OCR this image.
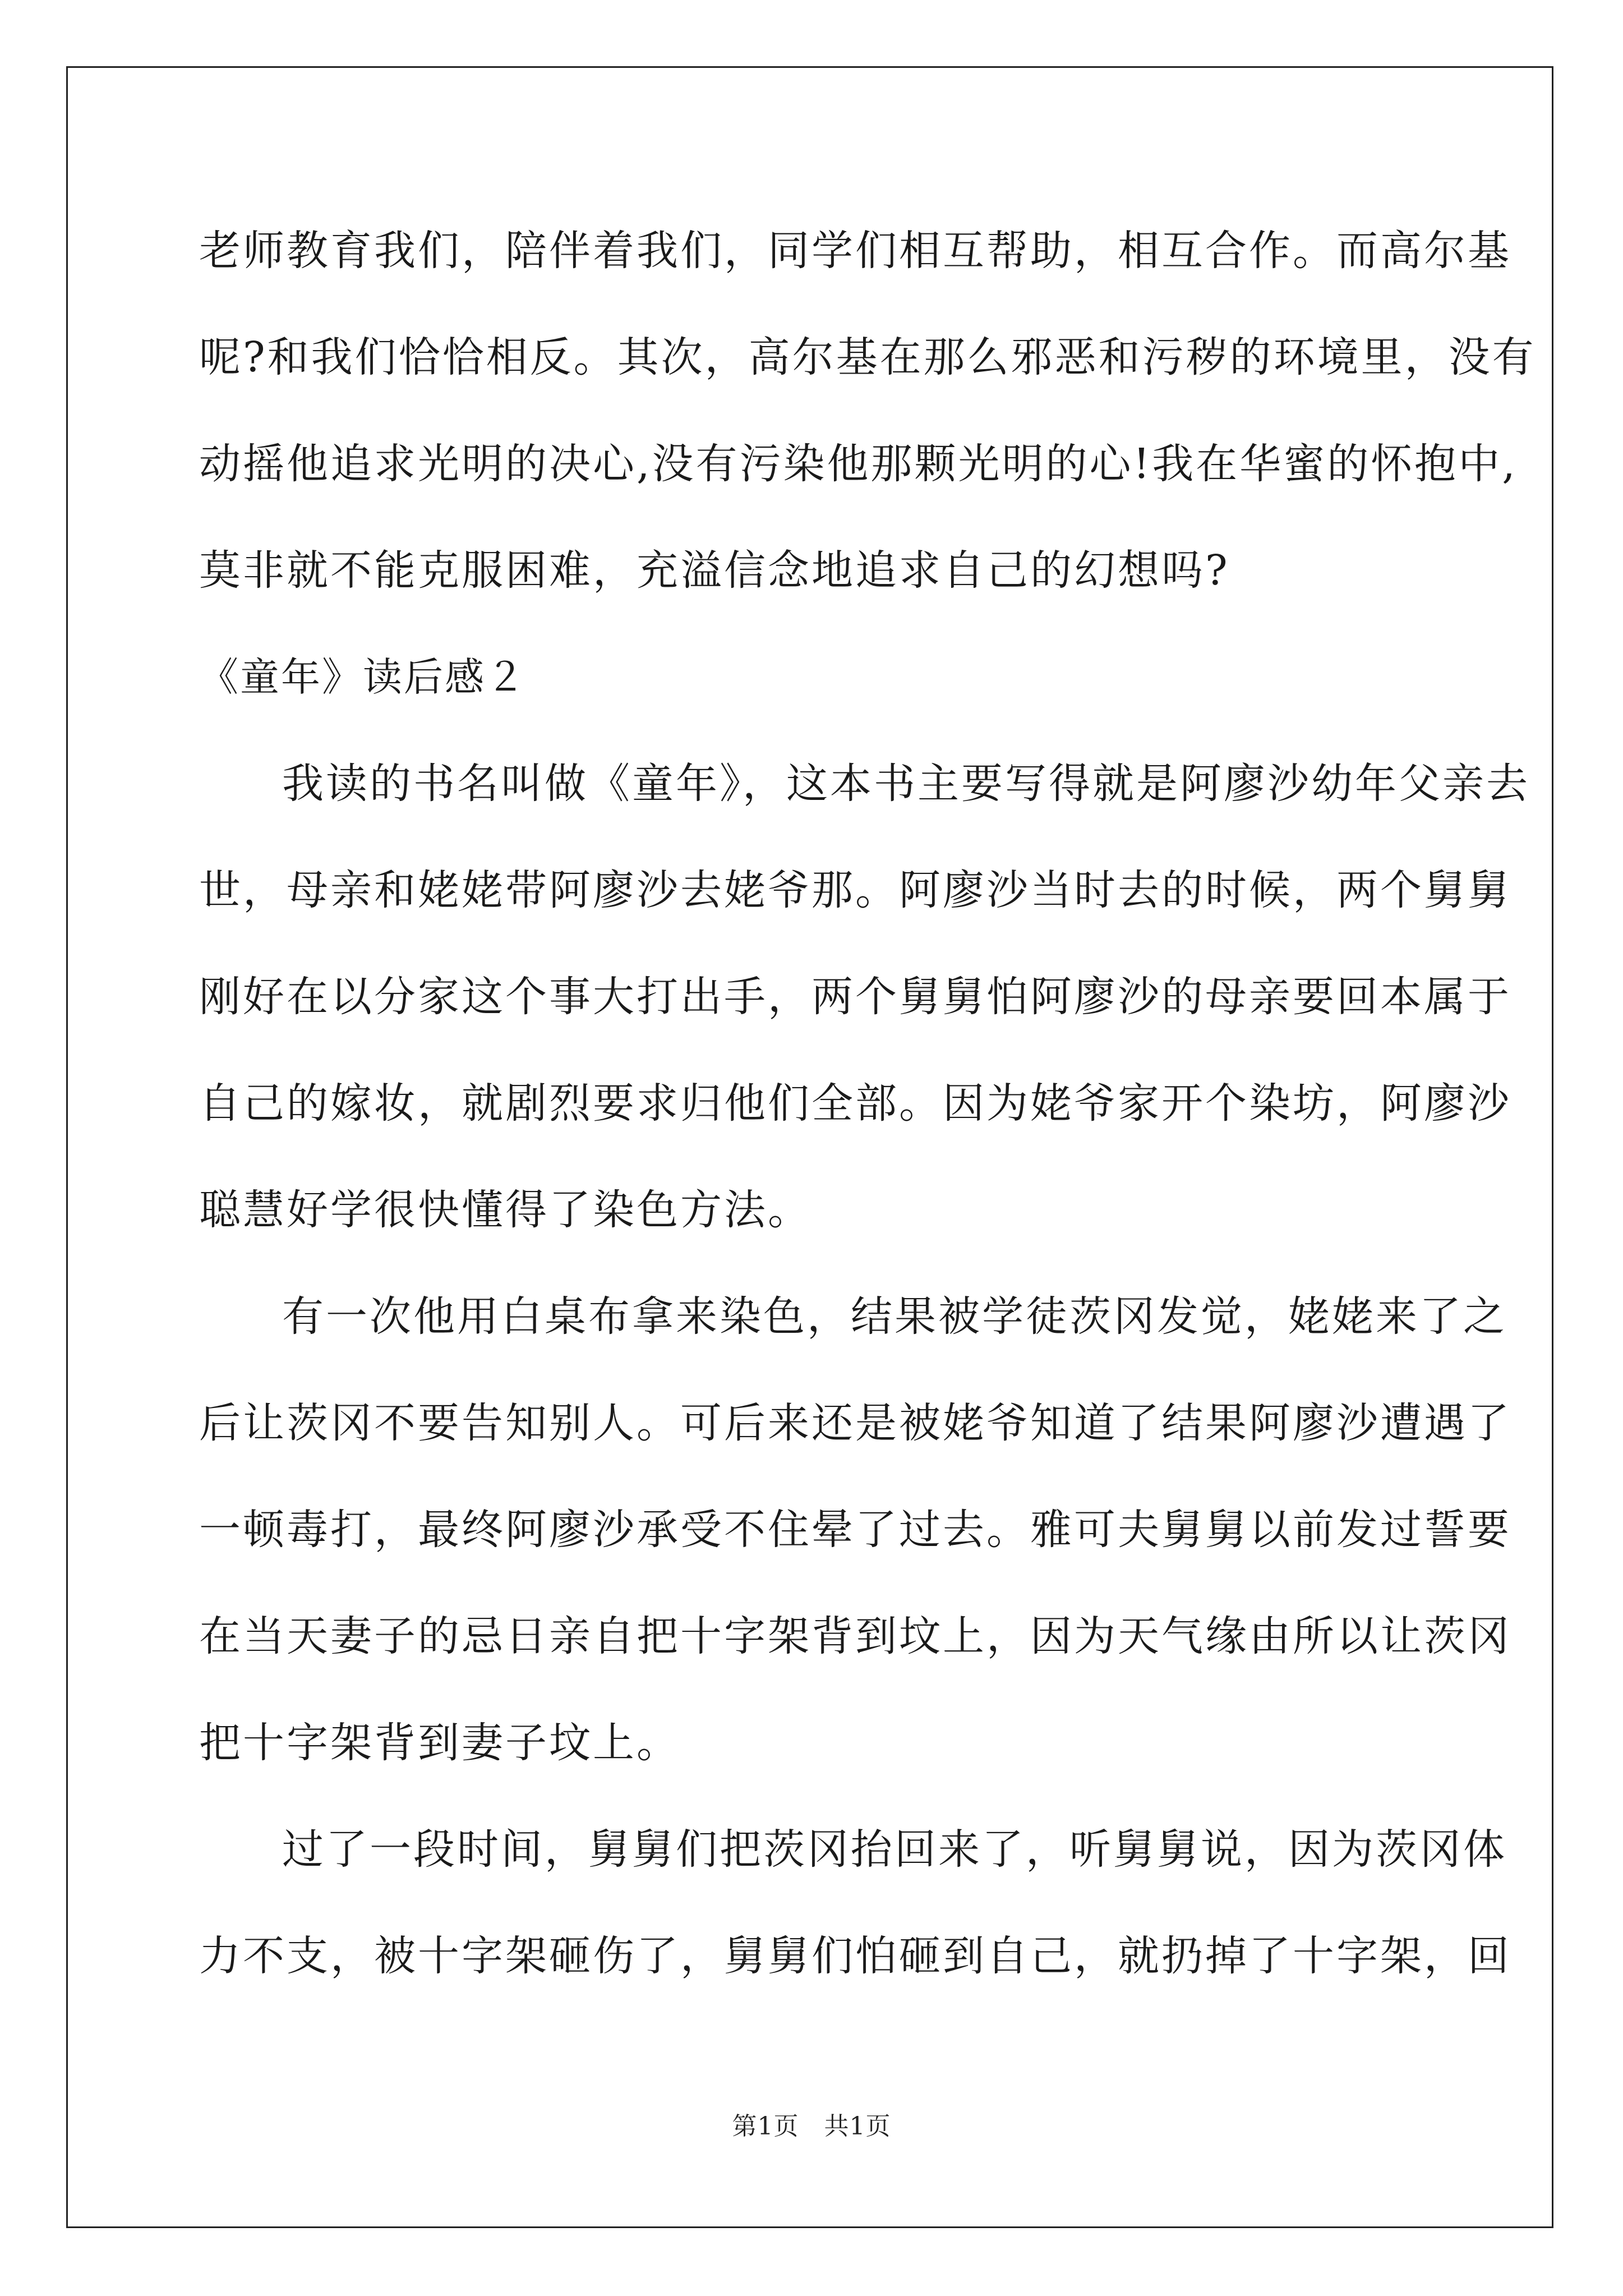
老师教育我们，陪伴着我们，同学们相互帮助，相互合作。而高尔基
呢?和我们恰恰相反。其次，高尔基在那么邪恶和污秽的环境里，没有
动摇他追求光明的决心,没有污染他那颗光明的心!我在华蜜的怀抱中,
莫非就不能克服困难，充溢信念地追求自己的幻想吗?
《童年》读后感２
我读的书名叫做《童年》，这本书主要写得就是阿廖沙幼年父亲去
世，母亲和姥姥带阿廖沙去姥爷那。阿廖沙当时去的时候，两个舅舅
刚好在以分家这个事大打出手，两个舅舅怕阿廖沙的母亲要回本属于
自己的嫁妆，就剧烈要求归他们全部。因为姥爷家开个染坊，阿廖沙
聪慧好学很快懂得了染色方法。
有一次他用白桌布拿来染色，结果被学徒茨冈发觉，姥姥来了之
后让茨冈不要告知别人。可后来还是被姥爷知道了结果阿廖沙遭遇了
一顿毒打，最终阿廖沙承受不住晕了过去。雅可夫舅舅以前发过誓要
在当天妻子的忌日亲自把十字架背到坟上，因为天气缘由所以让茨冈
把十字架背到妻子坟上。
过了一段时间，舅舅们把茨冈抬回来了，听舅舅说，因为茨冈体
力不支，被十字架砸伤了，舅舅们怕砸到自己，就扔掉了十字架，回
第1页 共1页
